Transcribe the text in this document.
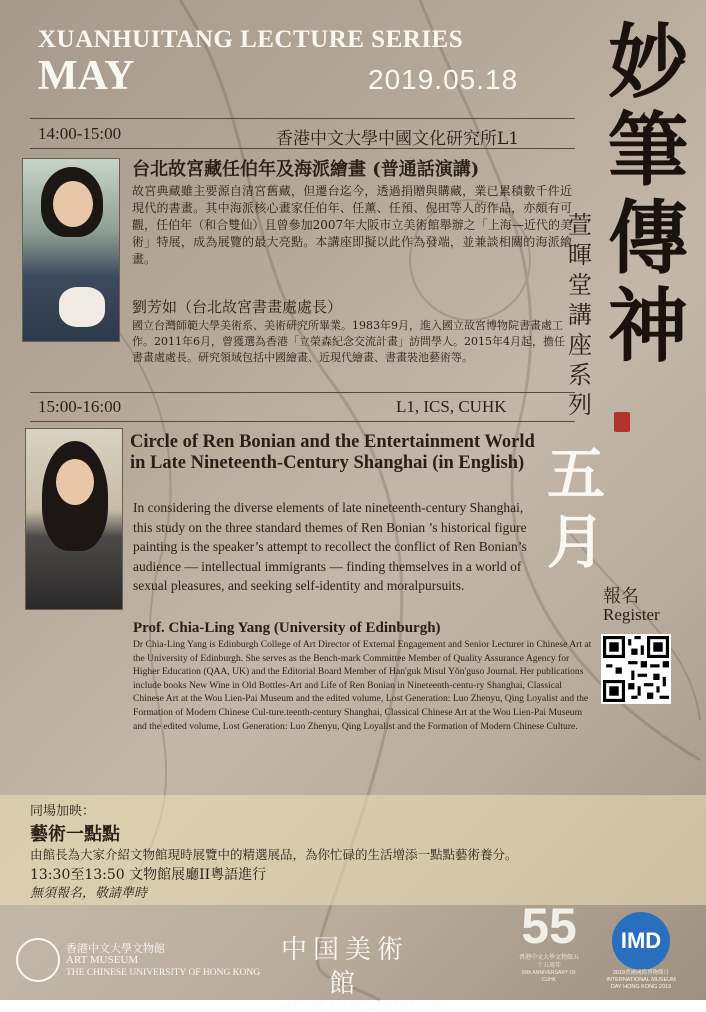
XUANHUITANG LECTURE SERIES
MAY	2019.05.18 妙
筆
傳
神
萱
暉
堂
講
座
系
列
五
月
14:00-15:00	香港中文大學中國文化研究所L1
台北故宮藏任伯年及海派繪畫 (普通話演講)
故宮典藏雖主要源自清宮舊藏，但遷台迄今，透過捐贈與購藏，業已累積數千件近現代的書畫。其中海派核心畫家任伯年、任薰、任預、倪田等人的作品，亦頗有可觀，任伯年（和合雙仙）且曾參加2007年大阪市立美術館舉辦之「上海—近代的美術」特展，成為展覽的最大亮點。本講座即擬以此作為發端，並兼談相關的海派繪畫。
劉芳如（台北故宮書畫處處長）
國立台灣師範大學美術系、美術研究所畢業。1983年9月，進入國立故宮博物院書畫處工作。2011年6月，曾獲選為香港「立榮森紀念交流計畫」訪問學人。2015年4月起，擔任書畫處處長。研究領域包括中國繪畫、近現代繪畫、書畫裝池藝術等。
15:00-16:00	L1, ICS, CUHK
Circle of Ren Bonian and the Entertainment World in Late Nineteenth-Century Shanghai (in English)
In considering the diverse elements of late nineteenth-century Shanghai, this study on the three standard themes of Ren Bonian ’s historical figure painting is the speaker’s attempt to recollect the conflict of Ren Bonian’s audience — intellectual immigrants — finding themselves in a world of sexual pleasures, and seeking self-identity and moralpursuits.
Prof. Chia-Ling Yang (University of Edinburgh)
Dr Chia-Ling Yang is Edinburgh College of Art Director of External Engagement and Senior Lecturer in Chinese Art at the University of Edinburgh. She serves as the Bench-mark Committee Member of Quality Assurance Agency for Higher Education (QAA, UK) and the Editorial Board Member of Han'guk Misul Yŏn'guso Journal. Her publications include books New Wine in Old Bottles-Art and Life of Ren Bonian in Nineteenth-centu-ry Shanghai, Classical Chinese Art at the Wou Lien-Pai Museum and the edited volume, Lost Generation: Luo Zhenyu, Qing Loyalist and the Formation of Modern Chinese Cul-ture.teenth-century Shanghai, Classical Chinese Art at the Wou Lien-Pai Museum and the edited volume, Lost Generation: Luo Zhenyu, Qing Loyalist and the Formation of Modern Chinese Culture.
報名
Register
同場加映：
藝術一點點
由館長為大家介紹文物館現時展覽中的精選展品，為你忙碌的生活增添一點點藝術養分。
13:30至13:50 文物館展廳II粵語進行
無須報名，敬請準時
香港中文大學文物館
ART MUSEUM
THE CHINESE UNIVERSITY OF HONG KONG
中国美術館
NATIONAL ART MUSEUM OF CHINA
55
香港中文大學文物館五十五周年
55th ANNIVERSARY OF CUHK
IMD
2019香港國際博物館日 INTERNATIONAL MUSEUM DAY HONG KONG 2019
